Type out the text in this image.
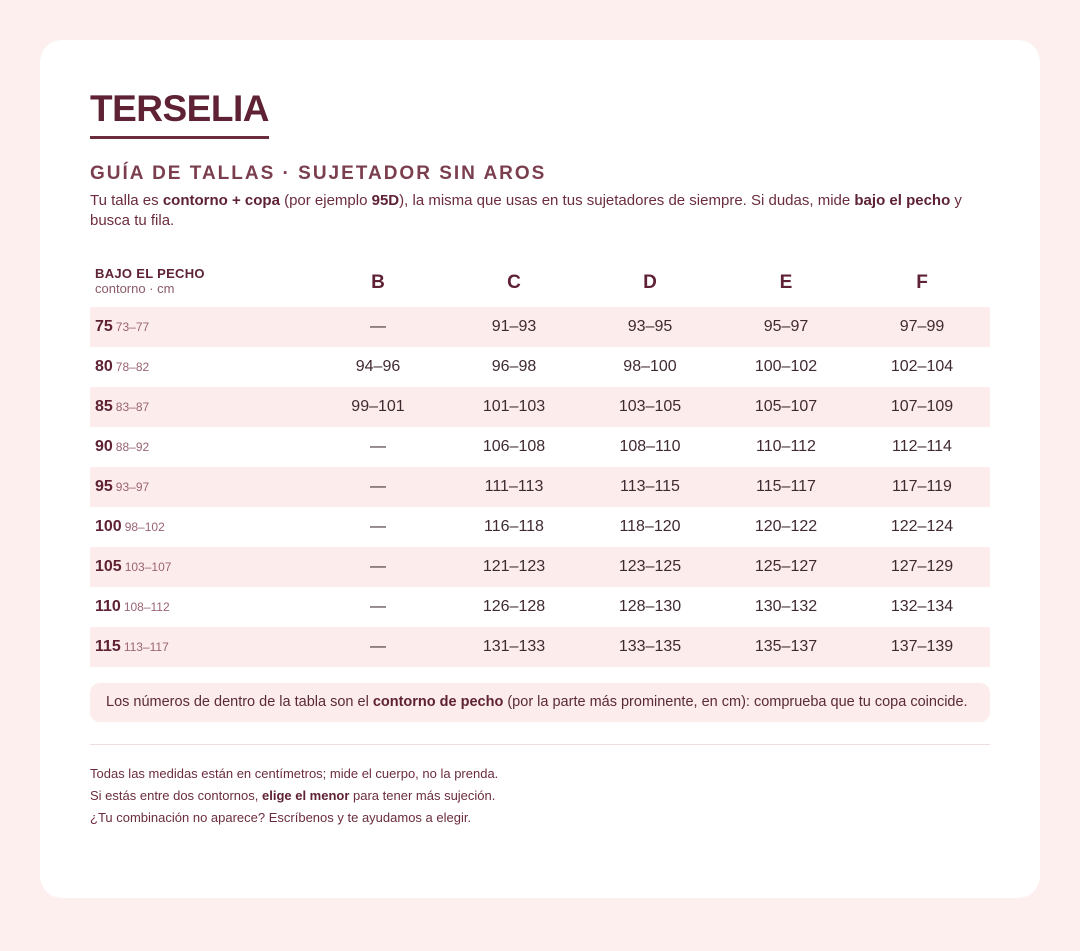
TERSELIA
GUÍA DE TALLAS · SUJETADOR SIN AROS
Tu talla es contorno + copa (por ejemplo 95D), la misma que usas en tus sujetadores de siempre. Si dudas, mide bajo el pecho y busca tu fila.
BAJO EL PECHO
contorno · cm	B	C	D	E	F
75 73–77	—	91–93	93–95	95–97	97–99
80 78–82	94–96	96–98	98–100	100–102	102–104
85 83–87	99–101	101–103	103–105	105–107	107–109
90 88–92	—	106–108	108–110	110–112	112–114
95 93–97	—	111–113	113–115	115–117	117–119
100 98–102	—	116–118	118–120	120–122	122–124
105 103–107	—	121–123	123–125	125–127	127–129
110 108–112	—	126–128	128–130	130–132	132–134
115 113–117	—	131–133	133–135	135–137	137–139
Los números de dentro de la tabla son el contorno de pecho (por la parte más prominente, en cm): comprueba que tu copa coincide.
Todas las medidas están en centímetros; mide el cuerpo, no la prenda.
Si estás entre dos contornos, elige el menor para tener más sujeción.
¿Tu combinación no aparece? Escríbenos y te ayudamos a elegir.
